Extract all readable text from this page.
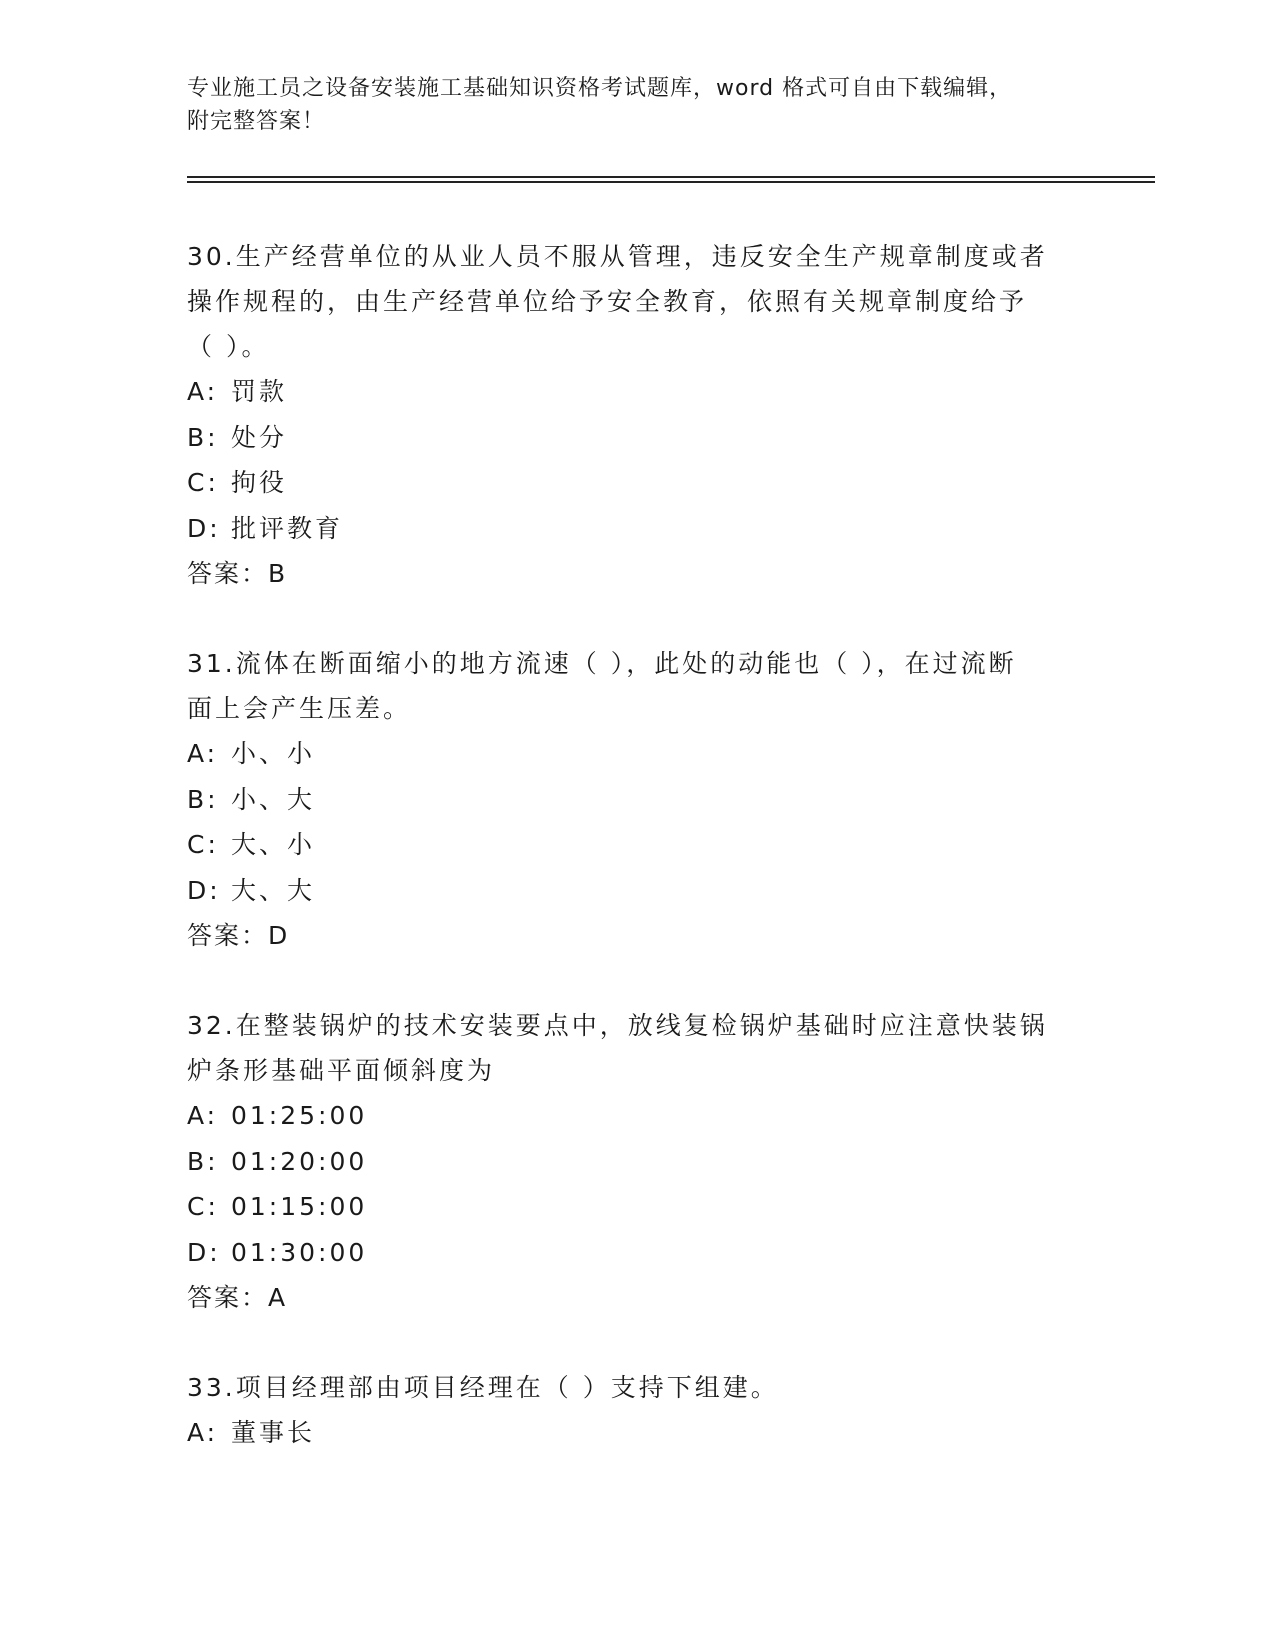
专业施工员之设备安装施工基础知识资格考试题库，word 格式可自由下载编辑，
附完整答案！
30.生产经营单位的从业人员不服从管理，违反安全生产规章制度或者
操作规程的，由生产经营单位给予安全教育，依照有关规章制度给予
（ ）。
A: 罚款
B: 处分
C: 拘役
D: 批评教育
答案：B
31.流体在断面缩小的地方流速（ ），此处的动能也（ ），在过流断
面上会产生压差。
A: 小、小
B: 小、大
C: 大、小
D: 大、大
答案：D
32.在整装锅炉的技术安装要点中，放线复检锅炉基础时应注意快装锅
炉条形基础平面倾斜度为
A: 01:25:00
B: 01:20:00
C: 01:15:00
D: 01:30:00
答案：A
33.项目经理部由项目经理在（ ）支持下组建。
A: 董事长
